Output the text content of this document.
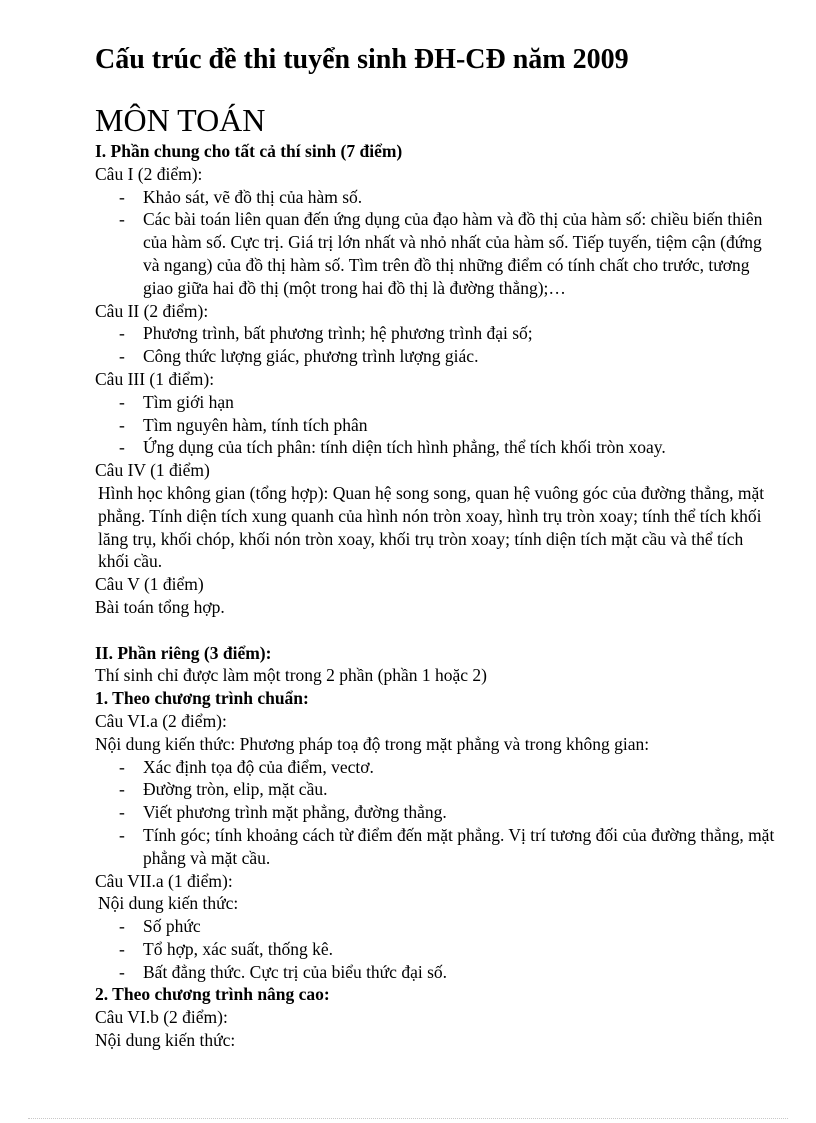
Cấu trúc đề thi tuyển sinh ĐH-CĐ năm 2009
MÔN TOÁN

I. Phần chung cho tất cả thí sinh (7 điểm)

Câu I (2 điểm):

- Khảo sát, vẽ đồ thị của hàm số.
- Các bài toán liên quan đến ứng dụng của đạo hàm và đồ thị của hàm số: chiều biến thiên của hàm số. Cực trị. Giá trị lớn nhất và nhỏ nhất của hàm số. Tiếp tuyến, tiệm cận (đứng và ngang) của đồ thị hàm số. Tìm trên đồ thị những điểm có tính chất cho trước, tương giao giữa hai đồ thị (một trong hai đồ thị là đường thẳng);…

Câu II (2 điểm):

- Phương trình, bất phương trình; hệ phương trình đại số;
- Công thức lượng giác, phương trình lượng giác.

Câu III (1 điểm):

- Tìm giới hạn
- Tìm nguyên hàm, tính tích phân
- Ứng dụng của tích phân: tính diện tích hình phẳng, thể tích khối tròn xoay.

Câu IV (1 điểm)

Hình học không gian (tổng hợp): Quan hệ song song, quan hệ vuông góc của đường thẳng, mặt phẳng. Tính diện tích xung quanh của hình nón tròn xoay, hình trụ tròn xoay; tính thể tích khối lăng trụ, khối chóp, khối nón tròn xoay, khối trụ tròn xoay; tính diện tích mặt cầu và thể tích khối cầu.

Câu V (1 điểm)

Bài toán tổng hợp.

II. Phần riêng (3 điểm):

Thí sinh chỉ được làm một trong 2 phần (phần 1 hoặc 2)

1. Theo chương trình chuẩn:

Câu VI.a (2 điểm):

Nội dung kiến thức: Phương pháp toạ độ trong mặt phẳng và trong không gian:

- Xác định tọa độ của điểm, vectơ.
- Đường tròn, elip, mặt cầu.
- Viết phương trình mặt phẳng, đường thẳng.
- Tính góc; tính khoảng cách từ điểm đến mặt phẳng. Vị trí tương đối của đường thẳng, mặt phẳng và mặt cầu.

Câu VII.a (1 điểm):

Nội dung kiến thức:

- Số phức
- Tổ hợp, xác suất, thống kê.
- Bất đẳng thức. Cực trị của biểu thức đại số.

2. Theo chương trình nâng cao:

Câu VI.b (2 điểm):

Nội dung kiến thức:
